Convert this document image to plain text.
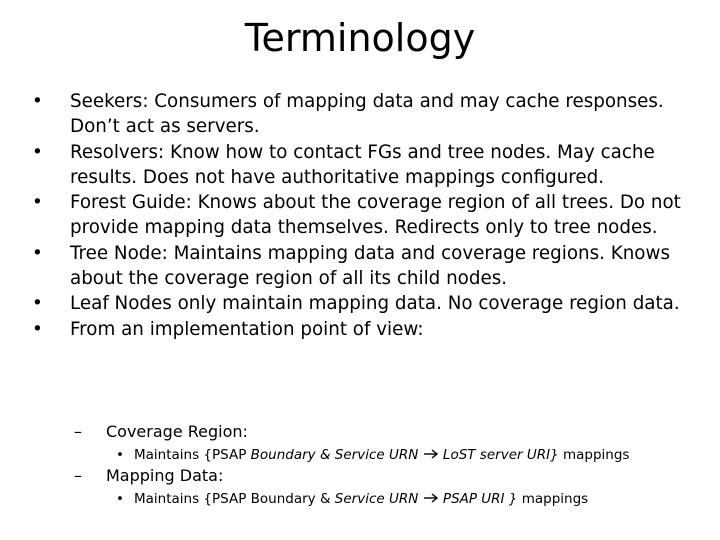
Terminology
• Seekers: Consumers of mapping data and may cache responses. Don’t act as servers.
• Resolvers: Know how to contact FGs and tree nodes. May cache results. Does not have authoritative mappings configured.
• Forest Guide: Knows about the coverage region of all trees. Do not provide mapping data themselves. Redirects only to tree nodes.
• Tree Node: Maintains mapping data and coverage regions. Knows about the coverage region of all its child nodes.
• Leaf Nodes only maintain mapping data. No coverage region data.
• From an implementation point of view:
– Coverage Region:
• Maintains {PSAP Boundary & Service URN LoST server URI} mappings
– Mapping Data:
• Maintains {PSAP Boundary & Service URN PSAP URI } mappings
